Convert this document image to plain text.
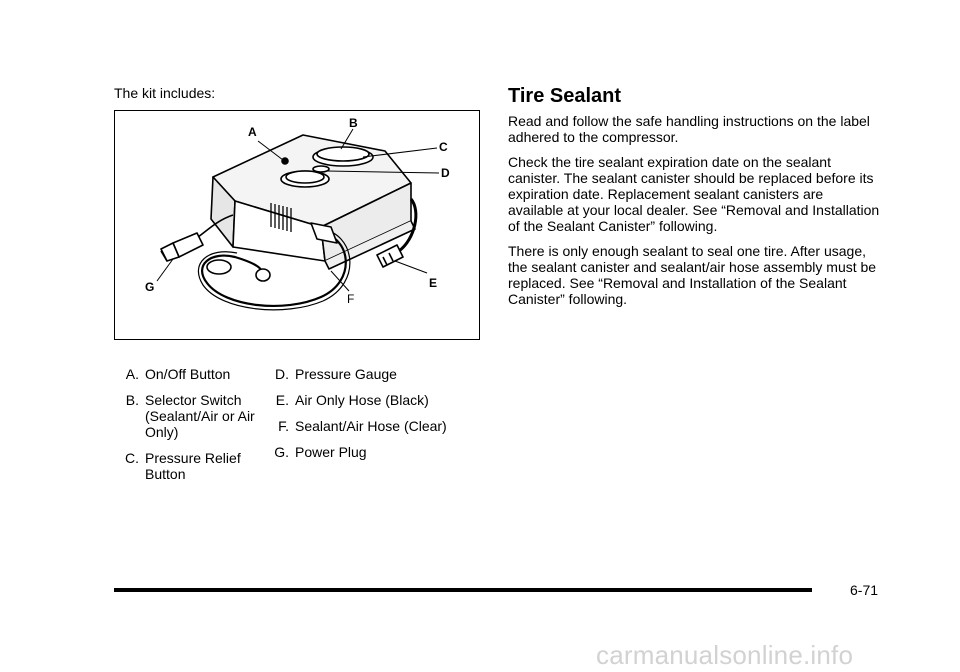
The kit includes:
A
B
C
D
E
F
G
A. On/Off Button
B. Selector Switch (Sealant/Air or Air Only)
C. Pressure Relief Button
D. Pressure Gauge
E. Air Only Hose (Black)
F. Sealant/Air Hose (Clear)
G. Power Plug
Tire Sealant

Read and follow the safe handling instructions on the label adhered to the compressor.

Check the tire sealant expiration date on the sealant canister. The sealant canister should be replaced before its expiration date. Replacement sealant canisters are available at your local dealer. See “Removal and Installation of the Sealant Canister” following.

There is only enough sealant to seal one tire. After usage, the sealant canister and sealant/air hose assembly must be replaced. See “Removal and Installation of the Sealant Canister” following.

6-71
carmanualsonline.info
